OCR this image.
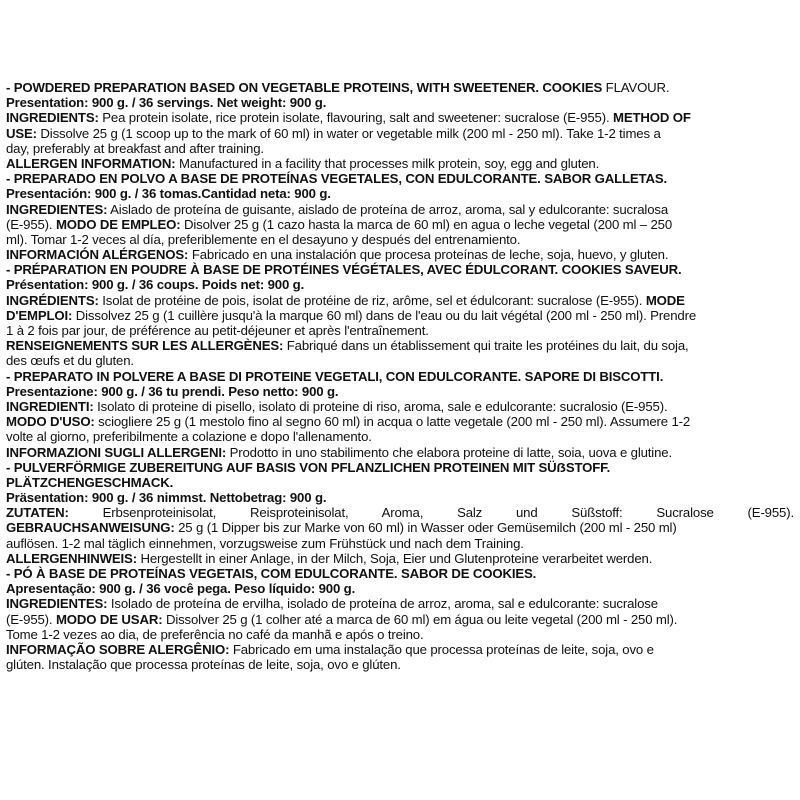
- POWDERED PREPARATION BASED ON VEGETABLE PROTEINS, WITH SWEETENER. COOKIES FLAVOUR.
Presentation: 900 g. / 36 servings. Net weight: 900 g.
INGREDIENTS: Pea protein isolate, rice protein isolate, flavouring, salt and sweetener: sucralose (E-955). METHOD OF
USE: Dissolve 25 g (1 scoop up to the mark of 60 ml) in water or vegetable milk (200 ml - 250 ml). Take 1-2 times a
day, preferably at breakfast and after training.
ALLERGEN INFORMATION: Manufactured in a facility that processes milk protein, soy, egg and gluten.
- PREPARADO EN POLVO A BASE DE PROTEÍNAS VEGETALES, CON EDULCORANTE. SABOR GALLETAS.
Presentación: 900 g. / 36 tomas.Cantidad neta: 900 g.
INGREDIENTES: Aislado de proteína de guisante, aislado de proteína de arroz, aroma, sal y edulcorante: sucralosa
(E-955). MODO DE EMPLEO: Disolver 25 g (1 cazo hasta la marca de 60 ml) en agua o leche vegetal (200 ml – 250
ml). Tomar 1-2 veces al día, preferiblemente en el desayuno y después del entrenamiento.
INFORMACIÓN ALÉRGENOS: Fabricado en una instalación que procesa proteínas de leche, soja, huevo, y gluten.
- PRÉPARATION EN POUDRE À BASE DE PROTÉINES VÉGÉTALES, AVEC ÉDULCORANT. COOKIES SAVEUR.
Présentation: 900 g. / 36 coups. Poids net: 900 g.
INGRÉDIENTS: Isolat de protéine de pois, isolat de protéine de riz, arôme, sel et édulcorant: sucralose (E-955). MODE
D'EMPLOI: Dissolvez 25 g (1 cuillère jusqu'à la marque 60 ml) dans de l'eau ou du lait végétal (200 ml - 250 ml). Prendre
1 à 2 fois par jour, de préférence au petit-déjeuner et après l'entraînement.
RENSEIGNEMENTS SUR LES ALLERGÈNES: Fabriqué dans un établissement qui traite les protéines du lait, du soja,
des œufs et du gluten.
- PREPARATO IN POLVERE A BASE DI PROTEINE VEGETALI, CON EDULCORANTE. SAPORE DI BISCOTTI.
Presentazione: 900 g. / 36 tu prendi. Peso netto: 900 g.
INGREDIENTI: Isolato di proteine di pisello, isolato di proteine di riso, aroma, sale e edulcorante: sucralosio (E-955).
MODO D'USO: sciogliere 25 g (1 mestolo fino al segno 60 ml) in acqua o latte vegetale (200 ml - 250 ml). Assumere 1-2
volte al giorno, preferibilmente a colazione e dopo l'allenamento.
INFORMAZIONI SUGLI ALLERGENI: Prodotto in uno stabilimento che elabora proteine di latte, soia, uova e glutine.
- PULVERFÖRMIGE ZUBEREITUNG AUF BASIS VON PFLANZLICHEN PROTEINEN MIT SÜẞSTOFF.
PLÄTZCHENGESCHMACK.
Präsentation: 900 g. / 36 nimmst. Nettobetrag: 900 g.
ZUTATEN:	Erbsenproteinisolat, Reisproteinisolat, Aroma, Salz und Süßstoff: Sucralose (E-955).
GEBRAUCHSANWEISUNG: 25 g (1 Dipper bis zur Marke von 60 ml) in Wasser oder Gemüsemilch (200 ml - 250 ml)
auflösen. 1-2 mal täglich einnehmen, vorzugsweise zum Frühstück und nach dem Training.
ALLERGENHINWEIS: Hergestellt in einer Anlage, in der Milch, Soja, Eier und Glutenproteine verarbeitet werden.
- PÓ À BASE DE PROTEÍNAS VEGETAIS, COM EDULCORANTE. SABOR DE COOKIES.
Apresentação: 900 g. / 36 você pega. Peso líquido: 900 g.
INGREDIENTES: Isolado de proteína de ervilha, isolado de proteína de arroz, aroma, sal e edulcorante: sucralose
(E-955). MODO DE USAR: Dissolver 25 g (1 colher até a marca de 60 ml) em água ou leite vegetal (200 ml - 250 ml).
Tome 1-2 vezes ao dia, de preferência no café da manhã e após o treino.
INFORMAÇÃO SOBRE ALERGÊNIO: Fabricado em uma instalação que processa proteínas de leite, soja, ovo e
glúten. Instalação que processa proteínas de leite, soja, ovo e glúten.
